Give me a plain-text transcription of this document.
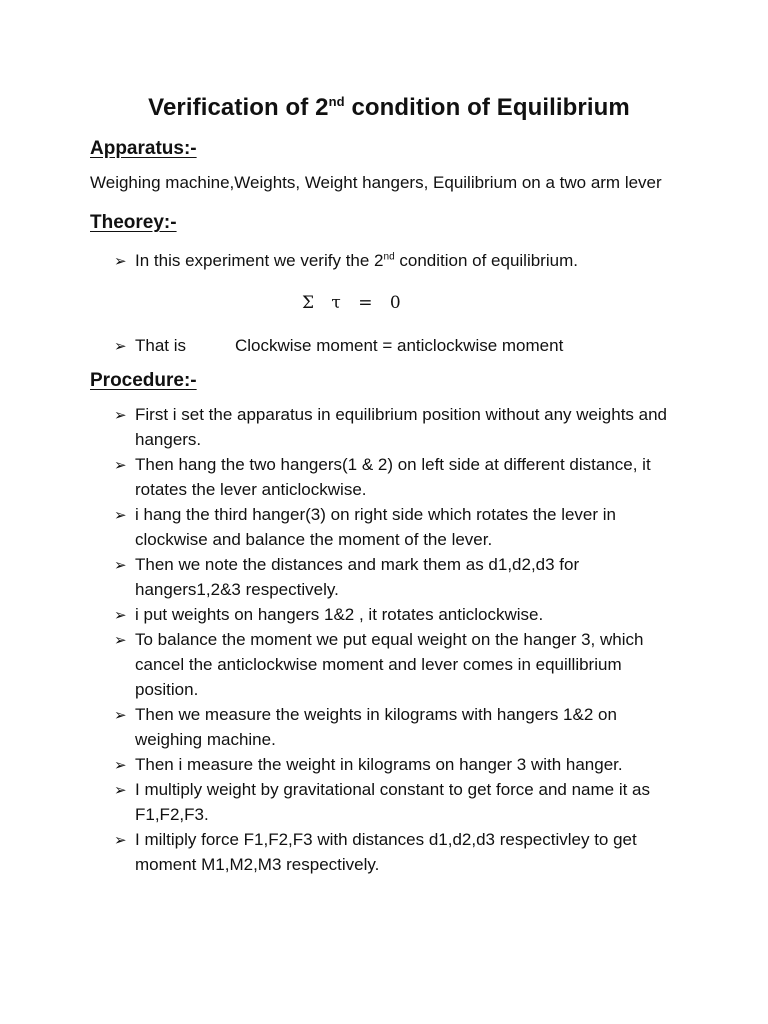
Verification of 2nd condition of Equilibrium
Apparatus:-

Weighing machine,Weights, Weight hangers, Equilibrium on a two arm lever

Theorey:-
➢ In this experiment we verify the 2nd condition of equilibrium.
Σ τ = 0
➢ That is	Clockwise moment = anticlockwise moment
Procedure:-
➢ First i set the apparatus in equilibrium position without any weights and hangers.
➢ Then hang the two hangers(1 & 2) on left side at different distance, it rotates the lever anticlockwise.
➢ i hang the third hanger(3) on right side which rotates the lever in clockwise and balance the moment of the lever.
➢ Then we note the distances and mark them as d1,d2,d3 for hangers1,2&3 respectively.
➢ i put weights on hangers 1&2 , it rotates anticlockwise.
➢ To balance the moment we put equal weight on the hanger 3, which cancel the anticlockwise moment and lever comes in equillibrium position.
➢ Then we measure the weights in kilograms with hangers 1&2 on weighing machine.
➢ Then i measure the weight in kilograms on hanger 3 with hanger.
➢ I multiply weight by gravitational constant to get force and name it as F1,F2,F3.
➢ I miltiply force F1,F2,F3 with distances d1,d2,d3 respectivley to get moment M1,M2,M3 respectively.
